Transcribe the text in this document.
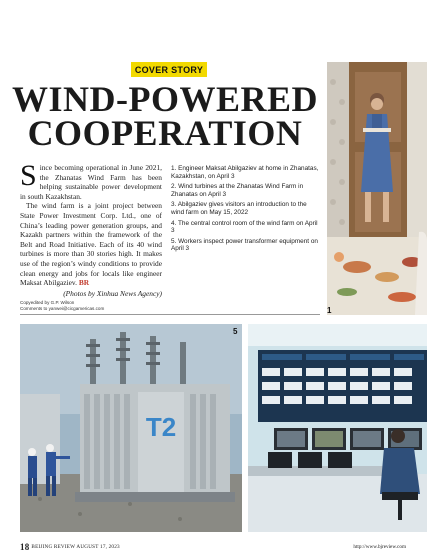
COVER STORY
WIND-POWERED
COOPERATION

Since becoming operational in June 2021, the Zhanatas Wind Farm has been helping sustainable power development in south Kazakhstan.

The wind farm is a joint project between State Power Investment Corp. Ltd., one of China’s leading power generation groups, and Kazakh partners within the framework of the Belt and Road Initiative. Each of its 40 wind turbines is more than 30 stories high. It makes use of the region’s windy conditions to provide clean energy and jobs for locals like engineer Maksat Abilgaziev. BR

(Photos by Xinhua News Agency)
1. Engineer Maksat Abilgaziev at home in Zhanatas, Kazakhstan, on April 3
2. Wind turbines at the Zhanatas Wind Farm in Zhanatas on April 3
3. Abilgaziev gives visitors an introduction to the wind farm on May 15, 2022
4. The central control room of the wind farm on April 3
5. Workers inspect power transformer equipment on April 3
Copyedited by G.P. Wilson
Comments to yanwei@cicgamericas.com	1
T2
5
18 BEIJING REVIEW AUGUST 17, 2023	http://www.bjreview.com
